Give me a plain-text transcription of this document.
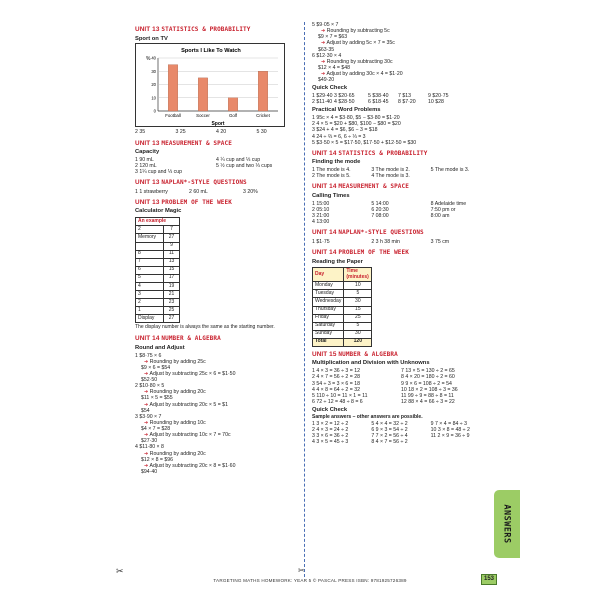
UNIT 13 STATISTICS & PROBABILITY
Sport on TV
Sports I Like To Watch
%
0
10
20
30
40
Football	Soccer	Golf	Cricket
Sport
2 35	3 25	4 20	5 30
UNIT 13 MEASUREMENT & SPACE
Capacity
1 90 mL
2 120 mL
3 1¼ cup and ⅓ cup
4 ¼ cup and ⅓ cup
5 ½ cup and two ⅓ cups
UNIT 13 NAPLAN*-STYLE QUESTIONS
1 1 strawberry	2 60 mL	3 20%
UNIT 13 PROBLEM OF THE WEEK
Calculator Magic
An example	
2	7
Memory	27
	9
8	11
7	13
6	15
5	17
4	19
3	21
2	23
1	25
Display	27
The display number is always the same as the starting number.
UNIT 14 NUMBER & ALGEBRA
Round and Adjust
1 $8·75 × 6
➜ Rounding by adding 25c
$9 × 6 = $54
➜ Adjust by subtracting 25c × 6 = $1·50
$52·50
2 $10·80 × 5
➜ Rounding by adding 20c
$11 × 5 = $55
➜ Adjust by subtracting 20c × 5 = $1
$54
3 $3·90 × 7
➜ Rounding by adding 10c
$4 × 7 = $28
➜ Adjust by subtracting 10c × 7 = 70c
$27·30
4 $11·80 × 8
➜ Rounding by adding 20c
$12 × 8 = $96
➜ Adjust by subtracting 20c × 8 = $1·60
$94·40
5 $9·05 × 7
➜ Rounding by subtracting 5c
$9 × 7 = $63
➜ Adjust by adding 5c × 7 = 35c
$63·35
6 $12·30 × 4
➜ Rounding by subtracting 30c
$12 × 4 = $48
➜ Adjust by adding 30c × 4 = $1·20
$49·20
Quick Check
1 $29·40 3 $20·65	5 $38·40	7 $13	9 $20·75
2 $11·40 4 $28·50	6 $18·45	8 $7·20	10 $28
Practical Word Problems
1 95c × 4 = $3·80, $5 − $3·80 = $1·20
2 4 × 5 = $20 + $80, $100 − $80 = $20
3 $24 + 4 = $6, $6 − 3 = $18
4 24 ÷ ⅔ = 6, 6 ÷ ⅓ = 3
5 $3·50 × 5 = $17·50, $17·50 + $12·50 = $30
UNIT 14 STATISTICS & PROBABILITY
Finding the mode
1 The mode is 4.	3 The mode is 2.	5 The mode is 3.
2 The mode is 5.	4 The mode is 3.
UNIT 14 MEASUREMENT & SPACE
Calling Times
1 15:00
2 05:10
3 21:00
4 13:00
5 14:00
6 20:30
7 08:00
8 Adelaide time
7:50 pm or
8:00 am
UNIT 14 NAPLAN*-STYLE QUESTIONS
1 $1·75	2 3 h 38 min	3 75 cm
UNIT 14 PROBLEM OF THE WEEK
Reading the Paper
Day	Time (minutes)
Monday	10
Tuesday	5
Wednesday	30
Thursday	15
Friday	25
Saturday	5
Sunday	30
Total	120
UNIT 15 NUMBER & ALGEBRA
Multiplication and Division with Unknowns
1 4 × 3 = 36 ÷ 3 = 12
2 4 × 7 = 56 ÷ 2 = 28
3 54 ÷ 3 = 3 × 6 = 18
4 4 × 8 = 64 ÷ 2 = 32
5 110 ÷ 10 = 11 × 1 = 11
6 72 ÷ 12 = 48 ÷ 8 = 6
7 13 × 5 = 130 ÷ 2 = 65
8 4 × 20 = 180 ÷ 2 = 60
9 9 × 6 = 108 ÷ 2 = 54
10 18 × 2 = 108 ÷ 3 = 36
11 99 ÷ 9 = 88 ÷ 8 = 11
12 88 × 4 = 66 ÷ 3 = 22
Quick Check
Sample answers – other answers are possible.
1 3 × 2 = 12 ÷ 2
2 4 × 3 = 24 ÷ 2
3 3 × 6 = 36 ÷ 2
4 3 × 5 = 45 ÷ 3
5 4 × 4 = 32 ÷ 2
6 9 × 3 = 54 ÷ 2
7 7 × 2 = 56 ÷ 4
8 4 × 7 = 56 ÷ 2
9 7 × 4 = 84 ÷ 3
10 3 × 8 = 48 ÷ 2
11 2 × 9 = 36 ÷ 9
ANSWERS
✂	✂
TARGETING MATHS HOMEWORK: YEAR 5 © PASCAL PRESS ISBN: 9781925726389	153
